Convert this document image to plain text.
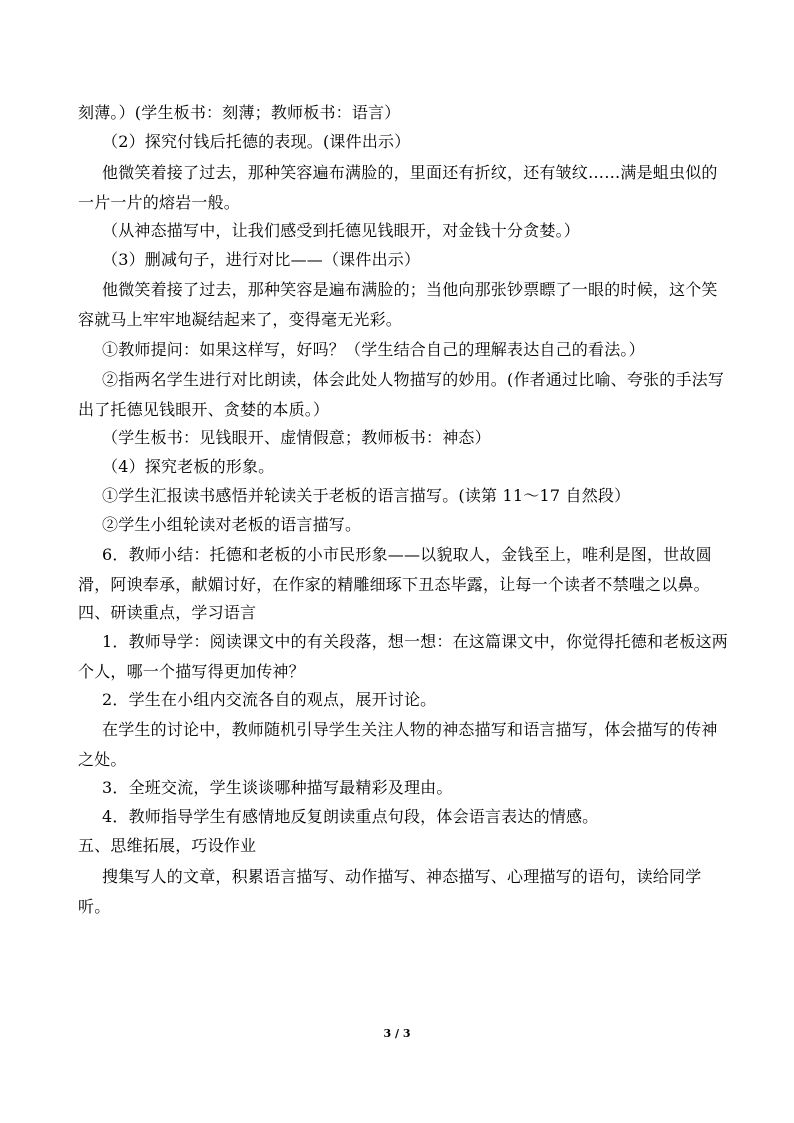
刻薄。）(学生板书：刻薄；教师板书：语言）
（2）探究付钱后托德的表现。(课件出示）
他微笑着接了过去，那种笑容遍布满脸的，里面还有折纹，还有皱纹……满是蛆虫似的
一片一片的熔岩一般。
（从神态描写中，让我们感受到托德见钱眼开，对金钱十分贪婪。）
（3）删减句子，进行对比——（课件出示）
他微笑着接了过去，那种笑容是遍布满脸的；当他向那张钞票瞟了一眼的时候，这个笑
容就马上牢牢地凝结起来了，变得毫无光彩。
①教师提问：如果这样写，好吗？（学生结合自己的理解表达自己的看法。）
②指两名学生进行对比朗读，体会此处人物描写的妙用。(作者通过比喻、夸张的手法写
出了托德见钱眼开、贪婪的本质。）
（学生板书：见钱眼开、虚情假意；教师板书：神态）
（4）探究老板的形象。
①学生汇报读书感悟并轮读关于老板的语言描写。(读第 11～17 自然段）
②学生小组轮读对老板的语言描写。
6．教师小结：托德和老板的小市民形象——以貌取人，金钱至上，唯利是图，世故圆
滑，阿谀奉承，献媚讨好，在作家的精雕细琢下丑态毕露，让每一个读者不禁嗤之以鼻。
四、研读重点，学习语言
1．教师导学：阅读课文中的有关段落，想一想：在这篇课文中，你觉得托德和老板这两
个人，哪一个描写得更加传神？
2．学生在小组内交流各自的观点，展开讨论。
在学生的讨论中，教师随机引导学生关注人物的神态描写和语言描写，体会描写的传神
之处。
3．全班交流，学生谈谈哪种描写最精彩及理由。
4．教师指导学生有感情地反复朗读重点句段，体会语言表达的情感。
五、思维拓展，巧设作业
搜集写人的文章，积累语言描写、动作描写、神态描写、心理描写的语句，读给同学
听。
3 / 3
